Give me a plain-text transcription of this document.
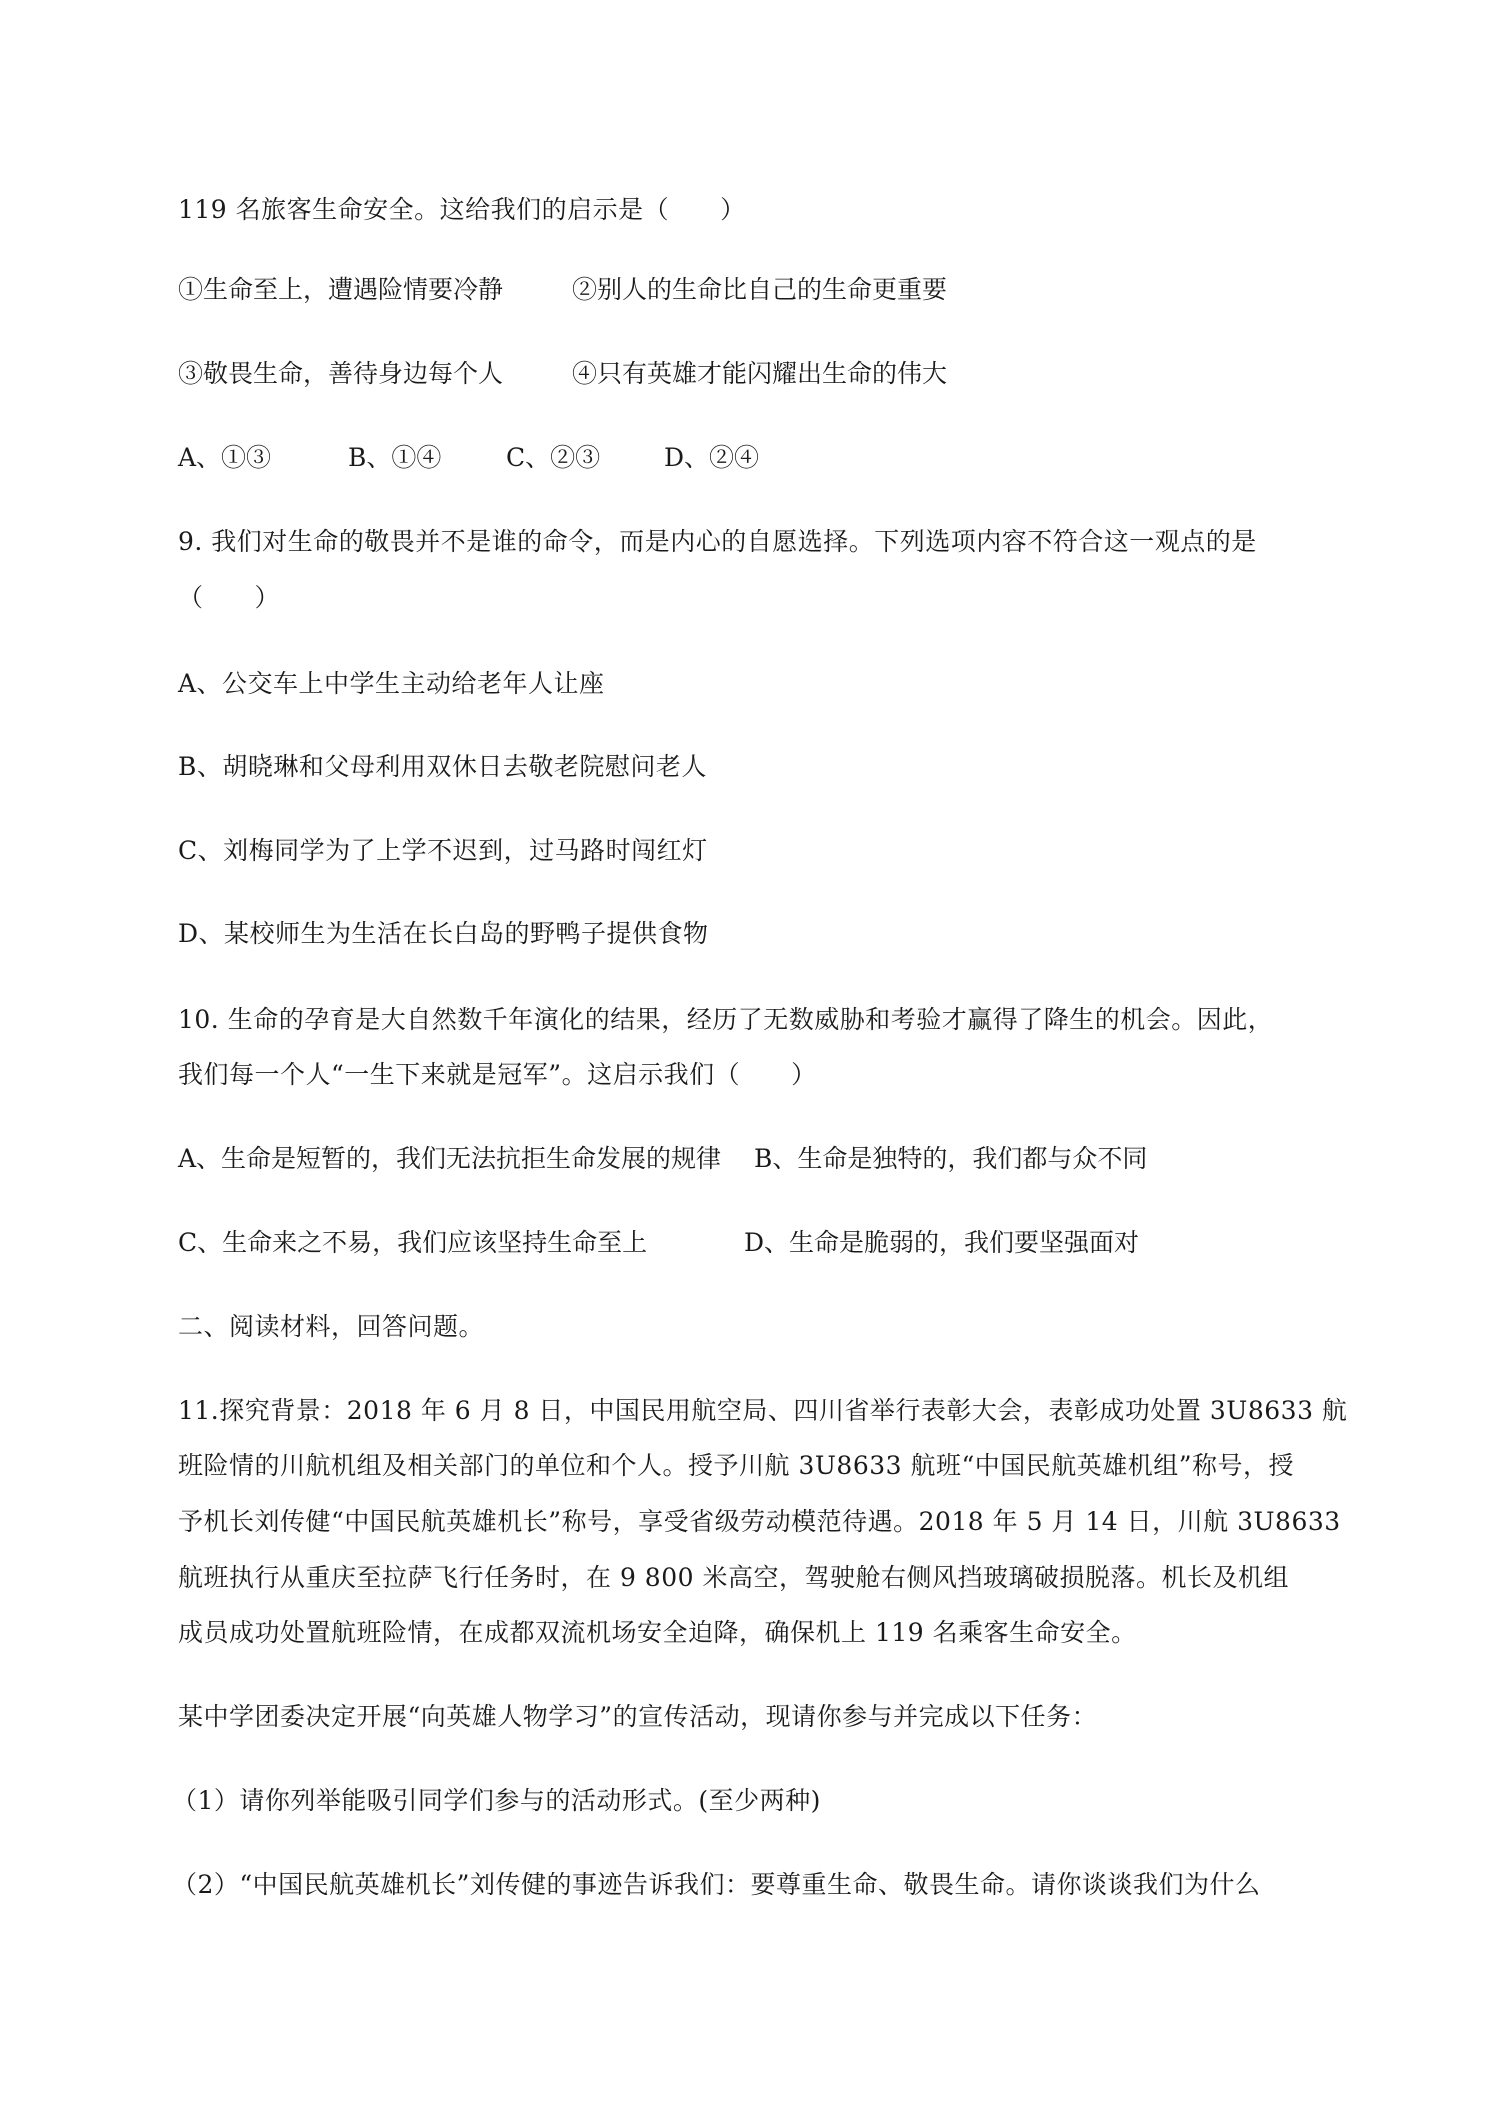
119 名旅客生命安全。这给我们的启示是（　　）
①生命至上，遭遇险情要冷静	②别人的生命比自己的生命更重要
③敬畏生命，善待身边每个人	④只有英雄才能闪耀出生命的伟大
A、①③	B、①④	C、②③	D、②④
9. 我们对生命的敬畏并不是谁的命令，而是内心的自愿选择。下列选项内容不符合这一观点的是
（　　）
A、公交车上中学生主动给老年人让座
B、胡晓琳和父母利用双休日去敬老院慰问老人
C、刘梅同学为了上学不迟到，过马路时闯红灯
D、某校师生为生活在长白岛的野鸭子提供食物
10. 生命的孕育是大自然数千年演化的结果，经历了无数威胁和考验才赢得了降生的机会。因此，
我们每一个人“一生下来就是冠军”。这启示我们（　　）
A、生命是短暂的，我们无法抗拒生命发展的规律 B、生命是独特的，我们都与众不同
C、生命来之不易，我们应该坚持生命至上	D、生命是脆弱的，我们要坚强面对
二、阅读材料，回答问题。
11.探究背景：2018 年 6 月 8 日，中国民用航空局、四川省举行表彰大会，表彰成功处置 3U8633 航
班险情的川航机组及相关部门的单位和个人。授予川航 3U8633 航班“中国民航英雄机组”称号，授
予机长刘传健“中国民航英雄机长”称号，享受省级劳动模范待遇。2018 年 5 月 14 日，川航 3U8633
航班执行从重庆至拉萨飞行任务时，在 9 800 米高空，驾驶舱右侧风挡玻璃破损脱落。机长及机组
成员成功处置航班险情，在成都双流机场安全迫降，确保机上 119 名乘客生命安全。
某中学团委决定开展“向英雄人物学习”的宣传活动，现请你参与并完成以下任务：
（1）请你列举能吸引同学们参与的活动形式。(至少两种)
（2）“中国民航英雄机长”刘传健的事迹告诉我们：要尊重生命、敬畏生命。请你谈谈我们为什么
